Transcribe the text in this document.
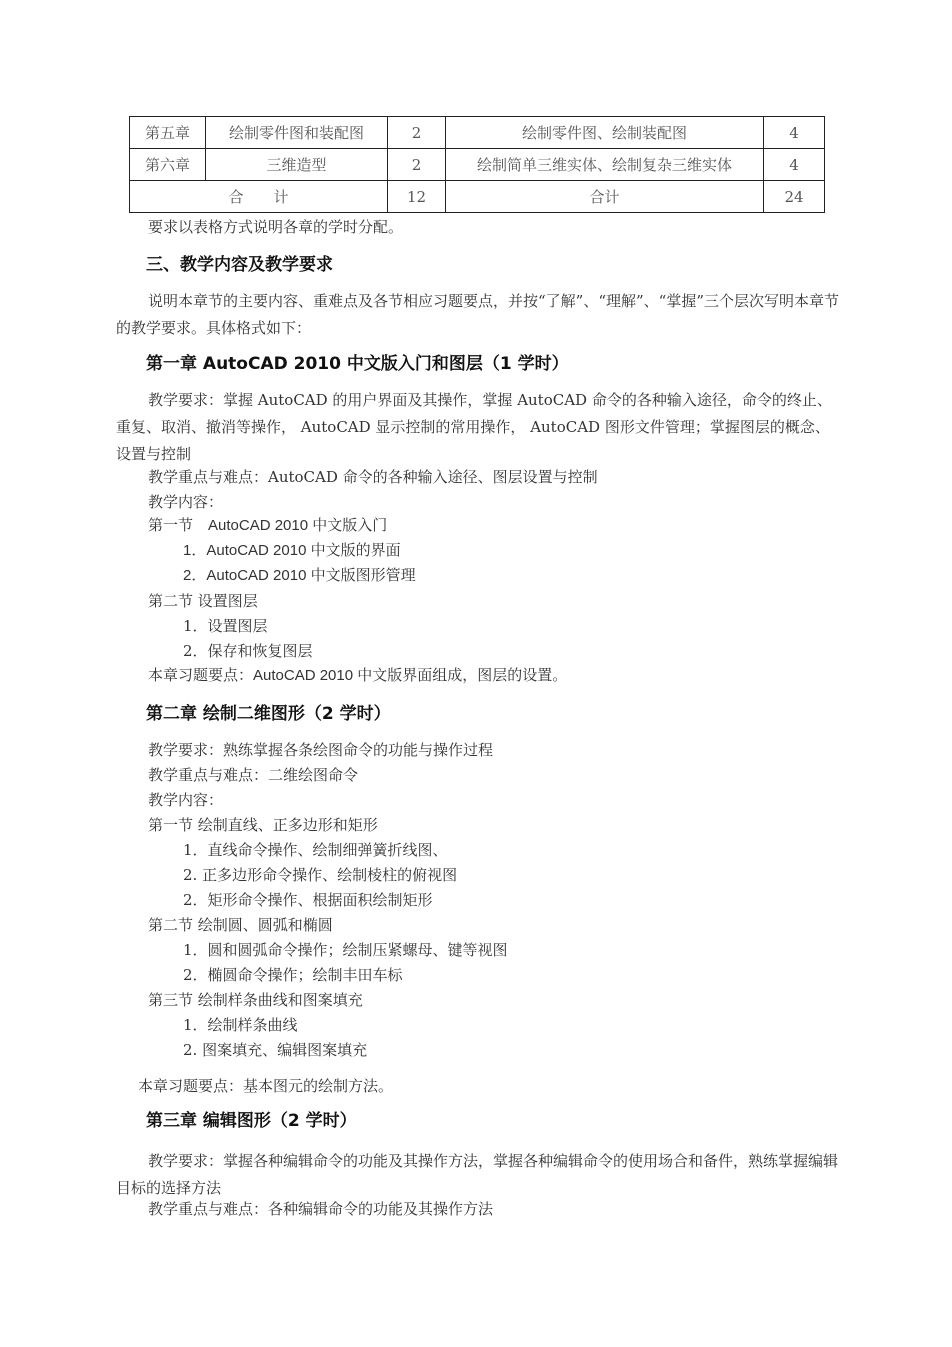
第五章	绘制零件图和装配图	2	绘制零件图、绘制装配图	4
第六章	三维造型	2	绘制简单三维实体、绘制复杂三维实体	4
合　　计		12	合计	24
要求以表格方式说明各章的学时分配。
三、教学内容及教学要求
说明本章节的主要内容、重难点及各节相应习题要点，并按“了解”、“理解”、“掌握”三个层次写明本章节的教学要求。具体格式如下：
第一章 AutoCAD 2010 中文版入门和图层（1 学时）
教学要求：掌握 AutoCAD 的用户界面及其操作，掌握 AutoCAD 命令的各种输入途径，命令的终止、重复、取消、撤消等操作， AutoCAD 显示控制的常用操作， AutoCAD 图形文件管理；掌握图层的概念、设置与控制
教学重点与难点：AutoCAD 命令的各种输入途径、图层设置与控制
教学内容：
第一节　AutoCAD 2010 中文版入门
1．AutoCAD 2010 中文版的界面
2．AutoCAD 2010 中文版图形管理
第二节 设置图层
1．设置图层
2．保存和恢复图层
本章习题要点：AutoCAD 2010 中文版界面组成，图层的设置。
第二章 绘制二维图形（2 学时）
教学要求：熟练掌握各条绘图命令的功能与操作过程
教学重点与难点：二维绘图命令
教学内容：
第一节 绘制直线、正多边形和矩形
1．直线命令操作、绘制细弹簧折线图、
2. 正多边形命令操作、绘制棱柱的俯视图
2．矩形命令操作、根据面积绘制矩形
第二节 绘制圆、圆弧和椭圆
1．圆和圆弧命令操作；绘制压紧螺母、键等视图
2．椭圆命令操作；绘制丰田车标
第三节 绘制样条曲线和图案填充
1．绘制样条曲线
2. 图案填充、编辑图案填充
本章习题要点：基本图元的绘制方法。
第三章 编辑图形（2 学时）
教学要求：掌握各种编辑命令的功能及其操作方法，掌握各种编辑命令的使用场合和备件，熟练掌握编辑目标的选择方法
教学重点与难点：各种编辑命令的功能及其操作方法
